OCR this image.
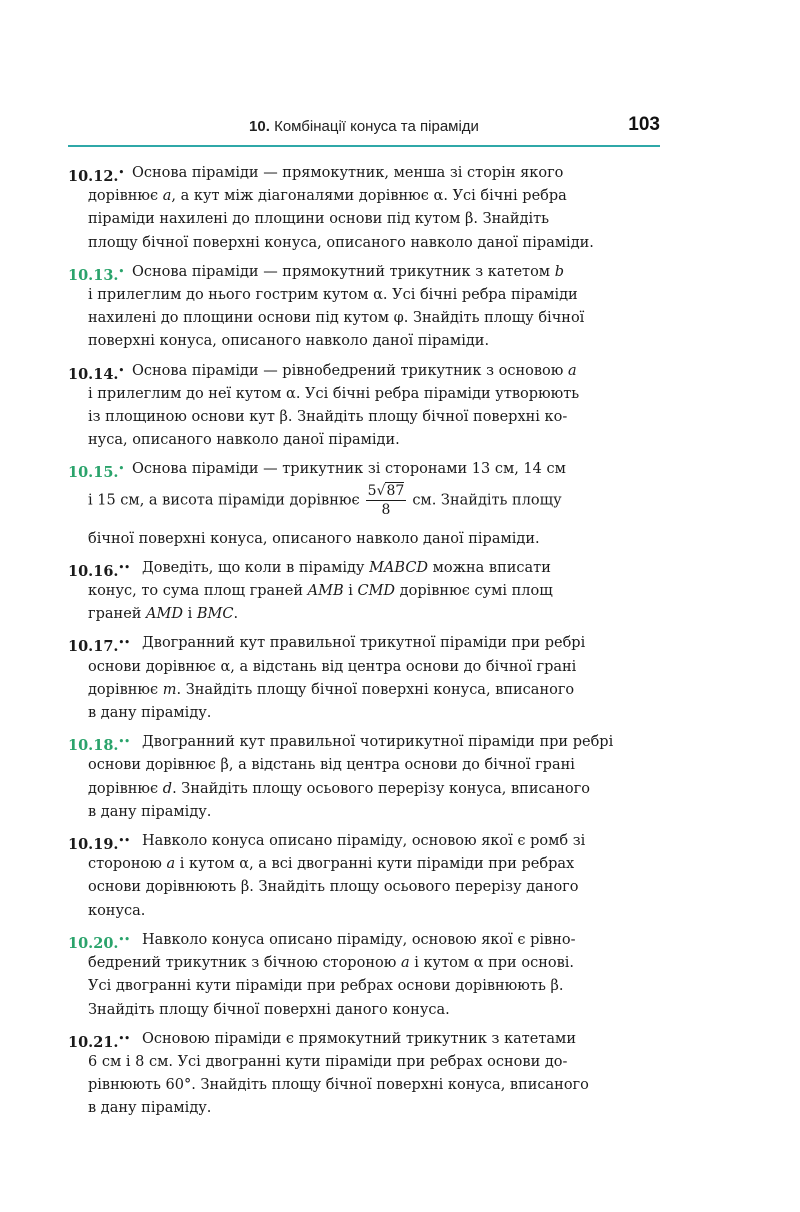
10. Комбінації конуса та піраміди	103
10.12.• Основа піраміди — прямокутник, менша зі сторін якого
дорівнює a, а кут між діагоналями дорівнює α. Усі бічні ребра
піраміди нахилені до площини основи під кутом β. Знайдіть
площу бічної поверхні конуса, описаного навколо даної піраміди.
10.13.• Основа піраміди — прямокутний трикутник з катетом b
і прилеглим до нього гострим кутом α. Усі бічні ребра піраміди
нахилені до площини основи під кутом φ. Знайдіть площу бічної
поверхні конуса, описаного навколо даної піраміди.
10.14.• Основа піраміди — рівнобедрений трикутник з основою a
і прилеглим до неї кутом α. Усі бічні ребра піраміди утворюють
із площиною основи кут β. Знайдіть площу бічної поверхні ко-
нуса, описаного навколо даної піраміди.
10.15.• Основа піраміди — трикутник зі сторонами 13 см, 14 см
і 15 см, а висота піраміди дорівнює $\frac{5√87}{8}$ см. Знайдіть площу
бічної поверхні конуса, описаного навколо даної піраміди.
10.16.•• Доведіть, що коли в піраміду MABCD можна вписати
конус, то сума площ граней AMB і CMD дорівнює сумі площ
граней AMD і BMC.
10.17.•• Двогранний кут правильної трикутної піраміди при ребрі
основи дорівнює α, а відстань від центра основи до бічної грані
дорівнює m. Знайдіть площу бічної поверхні конуса, вписаного
в дану піраміду.
10.18.•• Двогранний кут правильної чотирикутної піраміди при ребрі
основи дорівнює β, а відстань від центра основи до бічної грані
дорівнює d. Знайдіть площу осьового перерізу конуса, вписаного
в дану піраміду.
10.19.•• Навколо конуса описано піраміду, основою якої є ромб зі
стороною a і кутом α, а всі двогранні кути піраміди при ребрах
основи дорівнюють β. Знайдіть площу осьового перерізу даного
конуса.
10.20.•• Навколо конуса описано піраміду, основою якої є рівно-
бедрений трикутник з бічною стороною a і кутом α при основі.
Усі двогранні кути піраміди при ребрах основи дорівнюють β.
Знайдіть площу бічної поверхні даного конуса.
10.21.•• Основою піраміди є прямокутний трикутник з катетами
6 см і 8 см. Усі двогранні кути піраміди при ребрах основи до-
рівнюють 60°. Знайдіть площу бічної поверхні конуса, вписаного
в дану піраміду.
